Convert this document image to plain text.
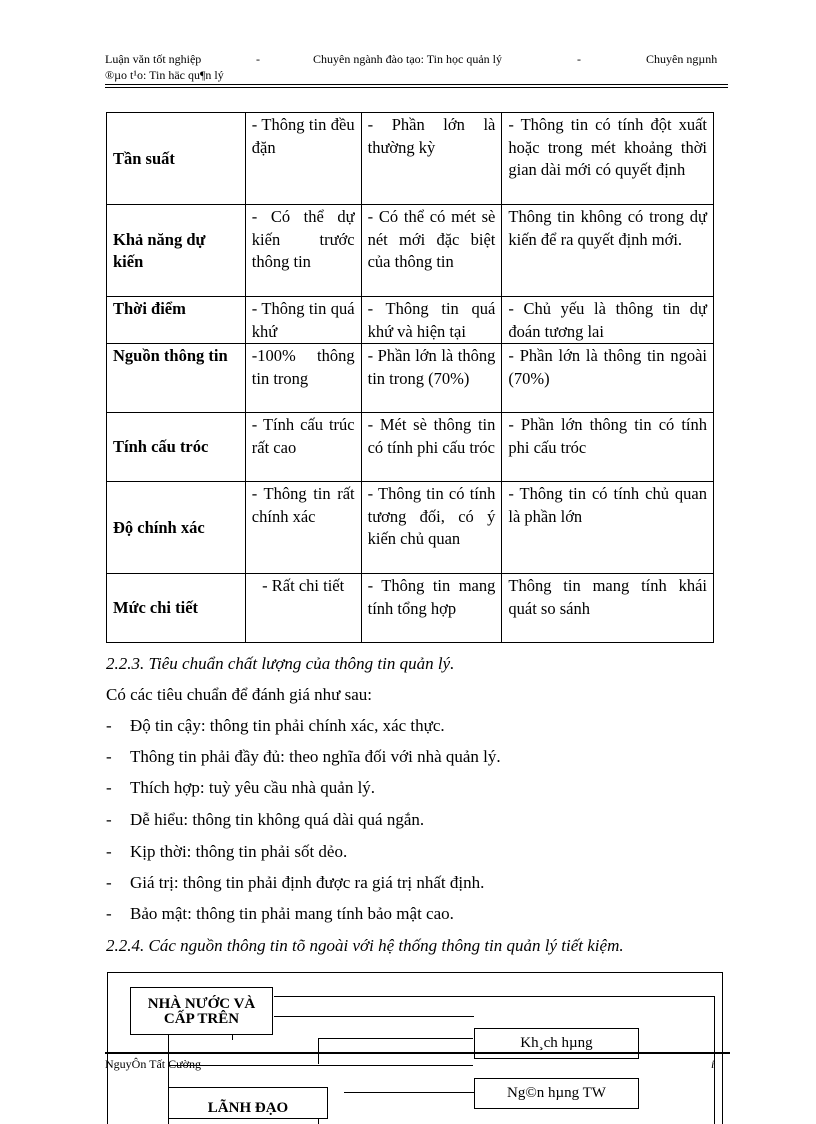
Luận văn tốt nghiệp	-	Chuyên ngành đào tạo: Tin học quản lý	-	Chuyên ngµnh
®µo t¹o: Tin häc qu¶n lý
Tần suất	- Thông tin đều đặn	- Phần lớn là thường kỳ	- Thông tin có tính đột xuất hoặc trong mét khoảng thời gian dài mới có quyết định
Khả năng dự kiến	- Có thể dự kiến trước thông tin	- Có thể có mét sè nét mới đặc biệt của thông tin	Thông tin không có trong dự kiến để ra quyết định mới.
Thời điểm	- Thông tin quá khứ	- Thông tin quá khứ và hiện tại	- Chủ yếu là thông tin dự đoán tương lai
Nguồn thông tin	-100% thông tin trong	- Phần lớn là thông tin trong (70%)	- Phần lớn là thông tin ngoài (70%)
Tính cấu tróc	- Tính cấu trúc rất cao	- Mét sè thông tin có tính phi cấu tróc	- Phần lớn thông tin có tính phi cấu tróc
Độ chính xác	- Thông tin rất chính xác	- Thông tin có tính tương đối, có ý kiến chủ quan	- Thông tin có tính chủ quan là phần lớn
Mức chi tiết	- Rất chi tiết	- Thông tin mang tính tổng hợp	Thông tin mang tính khái quát so sánh
2.2.3. Tiêu chuẩn chất lượng của thông tin quản lý.
Có các tiêu chuẩn để đánh giá như sau:
- Độ tin cậy: thông tin phải chính xác, xác thực.
- Thông tin phải đầy đủ: theo nghĩa đối với nhà quản lý.
- Thích hợp: tuỳ yêu cầu nhà quản lý.
- Dễ hiểu: thông tin không quá dài quá ngắn.
- Kịp thời: thông tin phải sốt dẻo.
- Giá trị: thông tin phải định được ra giá trị nhất định.
- Bảo mật: thông tin phải mang tính bảo mật cao.
2.2.4. Các nguồn thông tin tõ ngoài với hệ thống thông tin quản lý tiết kiệm.
NHÀ NƯỚC VÀ CẤP TRÊN
Kh¸ch hµng
Ng©n hµng TW
LÃNH ĐẠO
NguyÔn Tất Cường	i
